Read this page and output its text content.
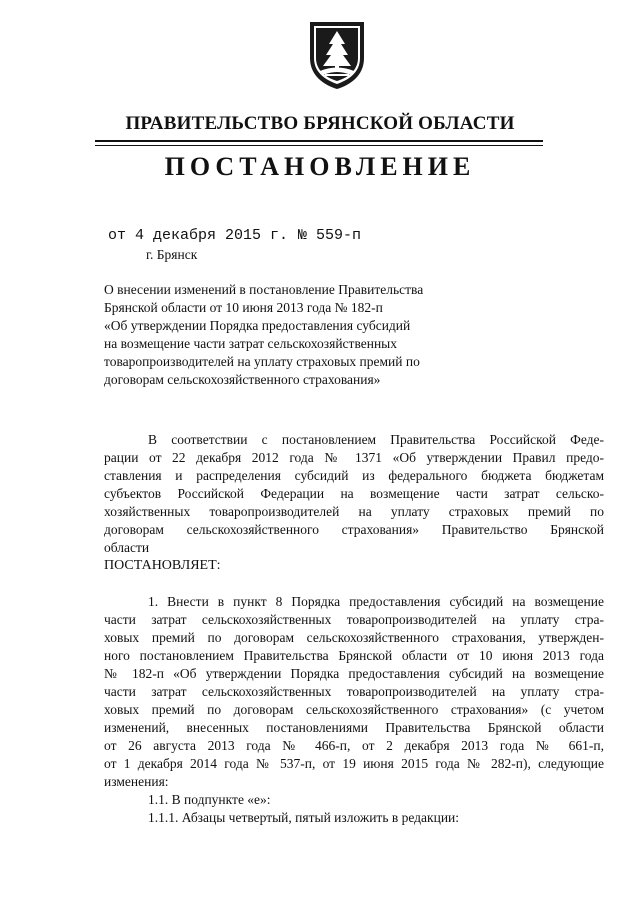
ПРАВИТЕЛЬСТВО БРЯНСКОЙ ОБЛАСТИ
ПОСТАНОВЛЕНИЕ
от 4 декабря 2015 г. № 559-п
г. Брянск
О внесении изменений в постановление Правительства
Брянской области от 10 июня 2013 года № 182-п
«Об утверждении Порядка предоставления субсидий
на возмещение части затрат сельскохозяйственных
товаропроизводителей на уплату страховых премий по
договорам сельскохозяйственного страхования»
В соответствии с постановлением Правительства Российской Феде-
рации от 22 декабря 2012 года № 1371 «Об утверждении Правил предо-
ставления и распределения субсидий из федерального бюджета бюджетам
субъектов Российской Федерации на возмещение части затрат сельско-
хозяйственных товаропроизводителей на уплату страховых премий по
договорам сельскохозяйственного страхования» Правительство Брянской
области
ПОСТАНОВЛЯЕТ:
1. Внести в пункт 8 Порядка предоставления субсидий на возмещение
части затрат сельскохозяйственных товаропроизводителей на уплату стра-
ховых премий по договорам сельскохозяйственного страхования, утвержден-
ного постановлением Правительства Брянской области от 10 июня 2013 года
№ 182-п «Об утверждении Порядка предоставления субсидий на возмещение
части затрат сельскохозяйственных товаропроизводителей на уплату стра-
ховых премий по договорам сельскохозяйственного страхования» (с учетом
изменений, внесенных постановлениями Правительства Брянской области
от 26 августа 2013 года № 466-п, от 2 декабря 2013 года № 661-п,
от 1 декабря 2014 года № 537-п, от 19 июня 2015 года № 282-п), следующие
изменения:
1.1. В подпункте «е»:
1.1.1. Абзацы четвертый, пятый изложить в редакции:
